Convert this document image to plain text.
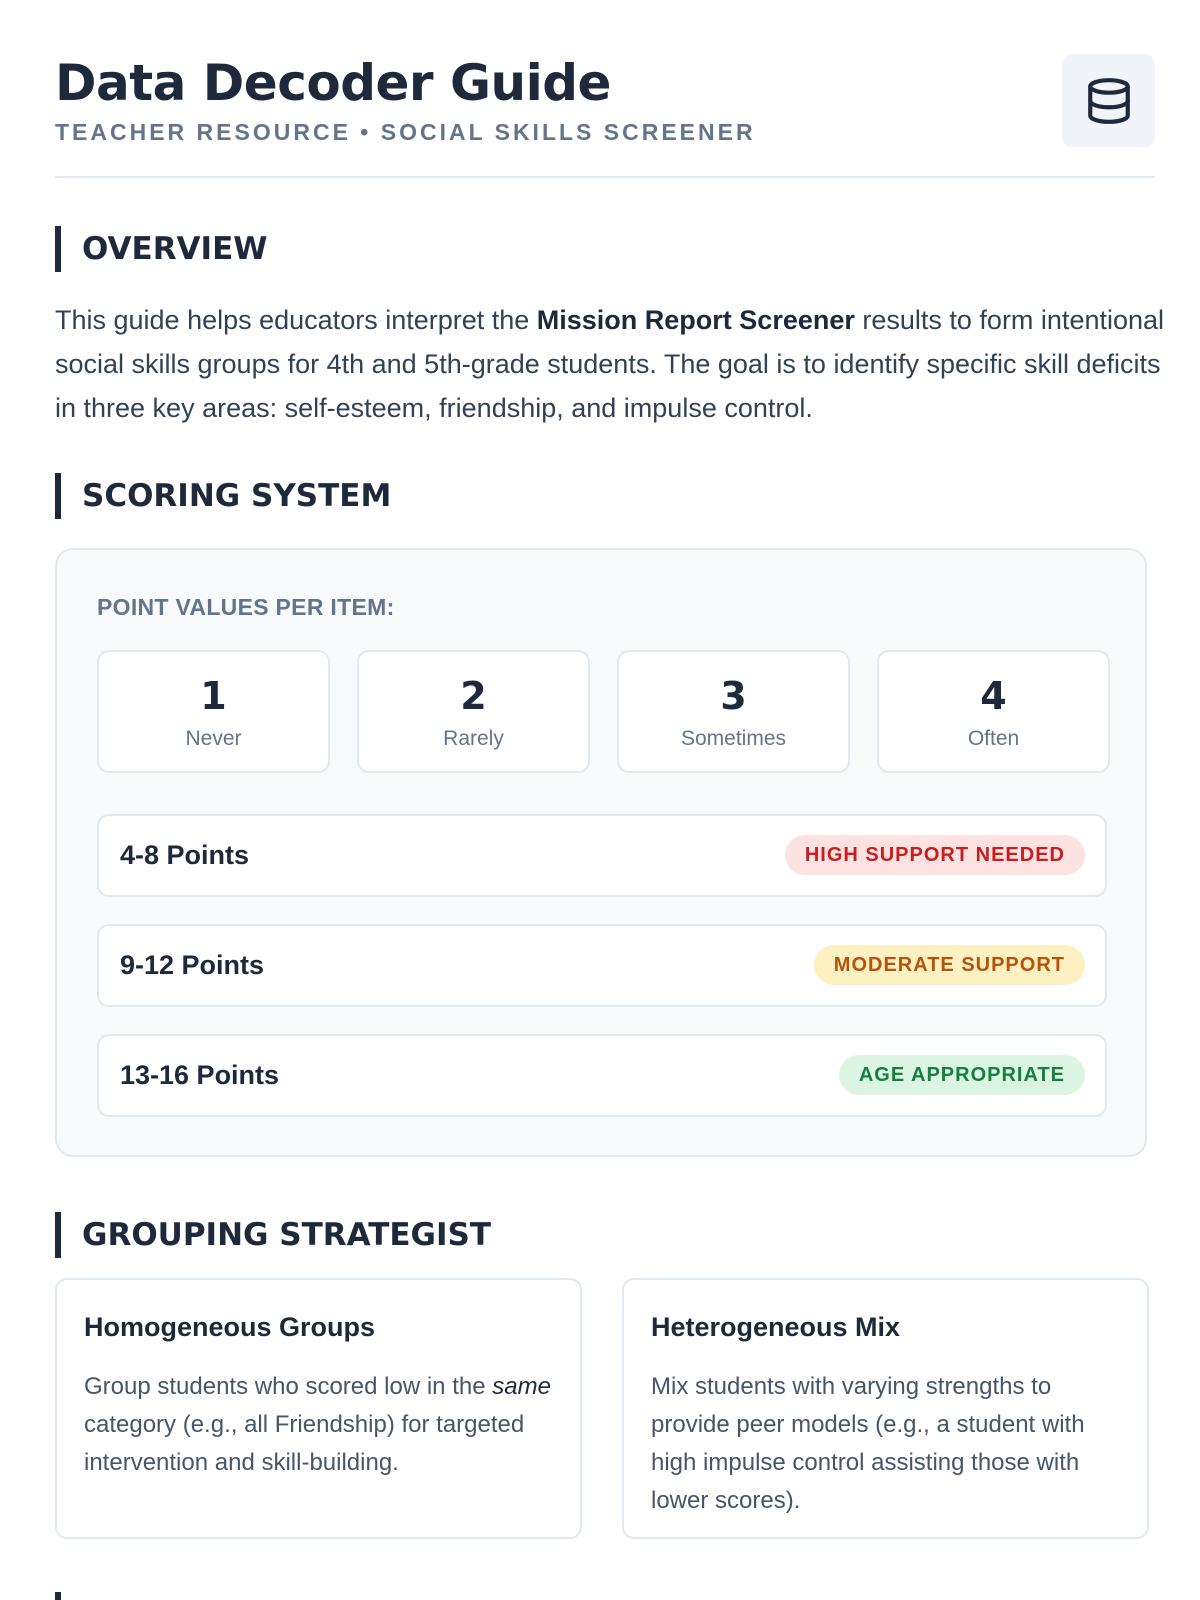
Data Decoder Guide
TEACHER RESOURCE • SOCIAL SKILLS SCREENER
OVERVIEW

This guide helps educators interpret the Mission Report Screener results to form intentional social skills groups for 4th and 5th-grade students. The goal is to identify specific skill deficits in three key areas: self-esteem, friendship, and impulse control.

SCORING SYSTEM
POINT VALUES PER ITEM:
1
Never
2
Rarely
3
Sometimes
4
Often
4-8 Points	HIGH SUPPORT NEEDED
9-12 Points	MODERATE SUPPORT
13-16 Points	AGE APPROPRIATE
GROUPING STRATEGIST
Homogeneous Groups

Group students who scored low in the same category (e.g., all Friendship) for targeted intervention and skill-building.

Heterogeneous Mix

Mix students with varying strengths to provide peer models (e.g., a student with high impulse control assisting those with lower scores).
